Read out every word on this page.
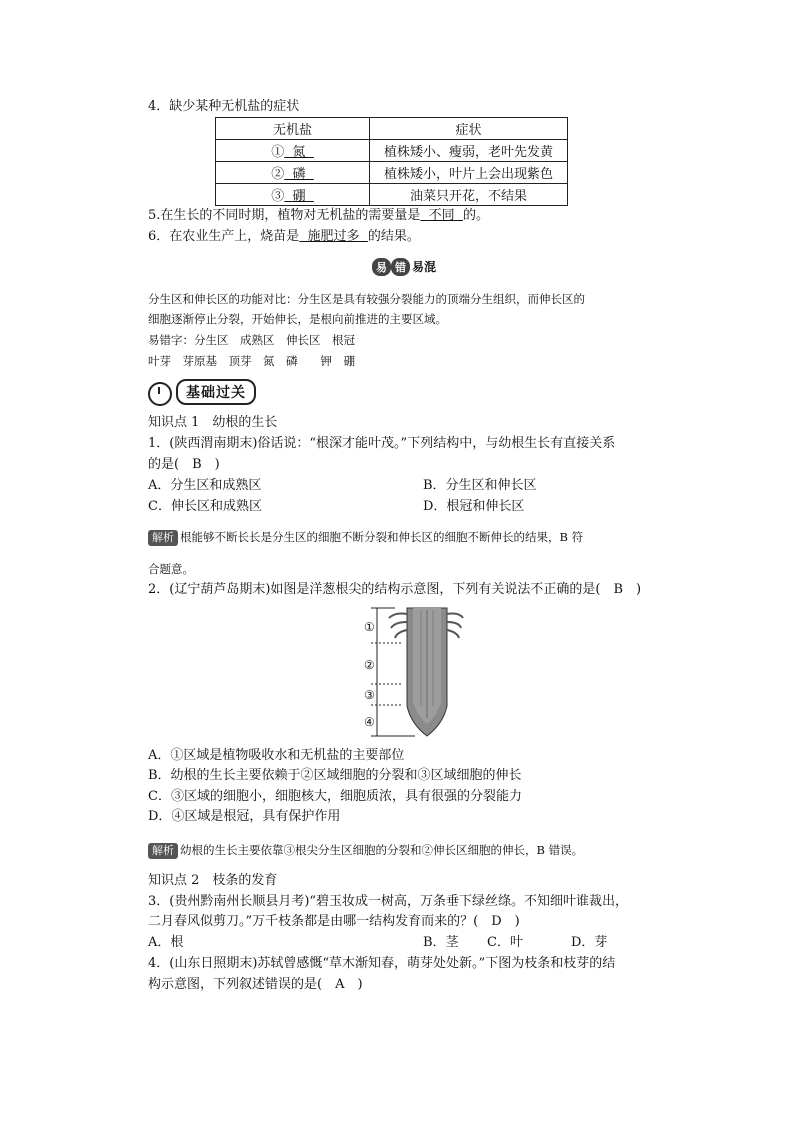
4．缺少某种无机盐的症状
无机盐	症状
① 氮	植株矮小、瘦弱，老叶先发黄
② 磷	植株矮小，叶片上会出现紫色
③ 硼	油菜只开花，不结果
5.在生长的不同时期，植物对无机盐的需要量是 不同 的。
6．在农业生产上，烧苗是 施肥过多 的结果。
易 错 易混
分生区和伸长区的功能对比：分生区是具有较强分裂能力的顶端分生组织，而伸长区的
细胞逐渐停止分裂，开始伸长，是根向前推进的主要区域。
易错字：分生区　成熟区　伸长区　根冠
叶芽　芽原基　顶芽　氮　磷　　钾　硼
基础过关
知识点 1　幼根的生长
1．(陕西渭南期末)俗话说：“根深才能叶茂。”下列结构中，与幼根生长有直接关系
的是(　B　)
A．分生区和成熟区	B．分生区和伸长区
C．伸长区和成熟区	D．根冠和伸长区
解析 根能够不断长长是分生区的细胞不断分裂和伸长区的细胞不断伸长的结果，B 符
合题意。
2．(辽宁葫芦岛期末)如图是洋葱根尖的结构示意图，下列有关说法不正确的是(　B　)
①
②
③
④
A．①区域是植物吸收水和无机盐的主要部位
B．幼根的生长主要依赖于②区域细胞的分裂和③区域细胞的伸长
C．③区域的细胞小，细胞核大，细胞质浓，具有很强的分裂能力
D．④区域是根冠，具有保护作用
解析 幼根的生长主要依靠③根尖分生区细胞的分裂和②伸长区细胞的伸长，B 错误。
知识点 2　枝条的发育
3．(贵州黔南州长顺县月考)“碧玉妆成一树高，万条垂下绿丝绦。不知细叶谁裁出，
二月春风似剪刀。”万千枝条都是由哪一结构发育而来的？(　D　)
A．根	B．茎 C．叶	D．芽
4．(山东日照期末)苏轼曾感慨“草木渐知春，萌芽处处新。”下图为枝条和枝芽的结
构示意图，下列叙述错误的是(　A　)
